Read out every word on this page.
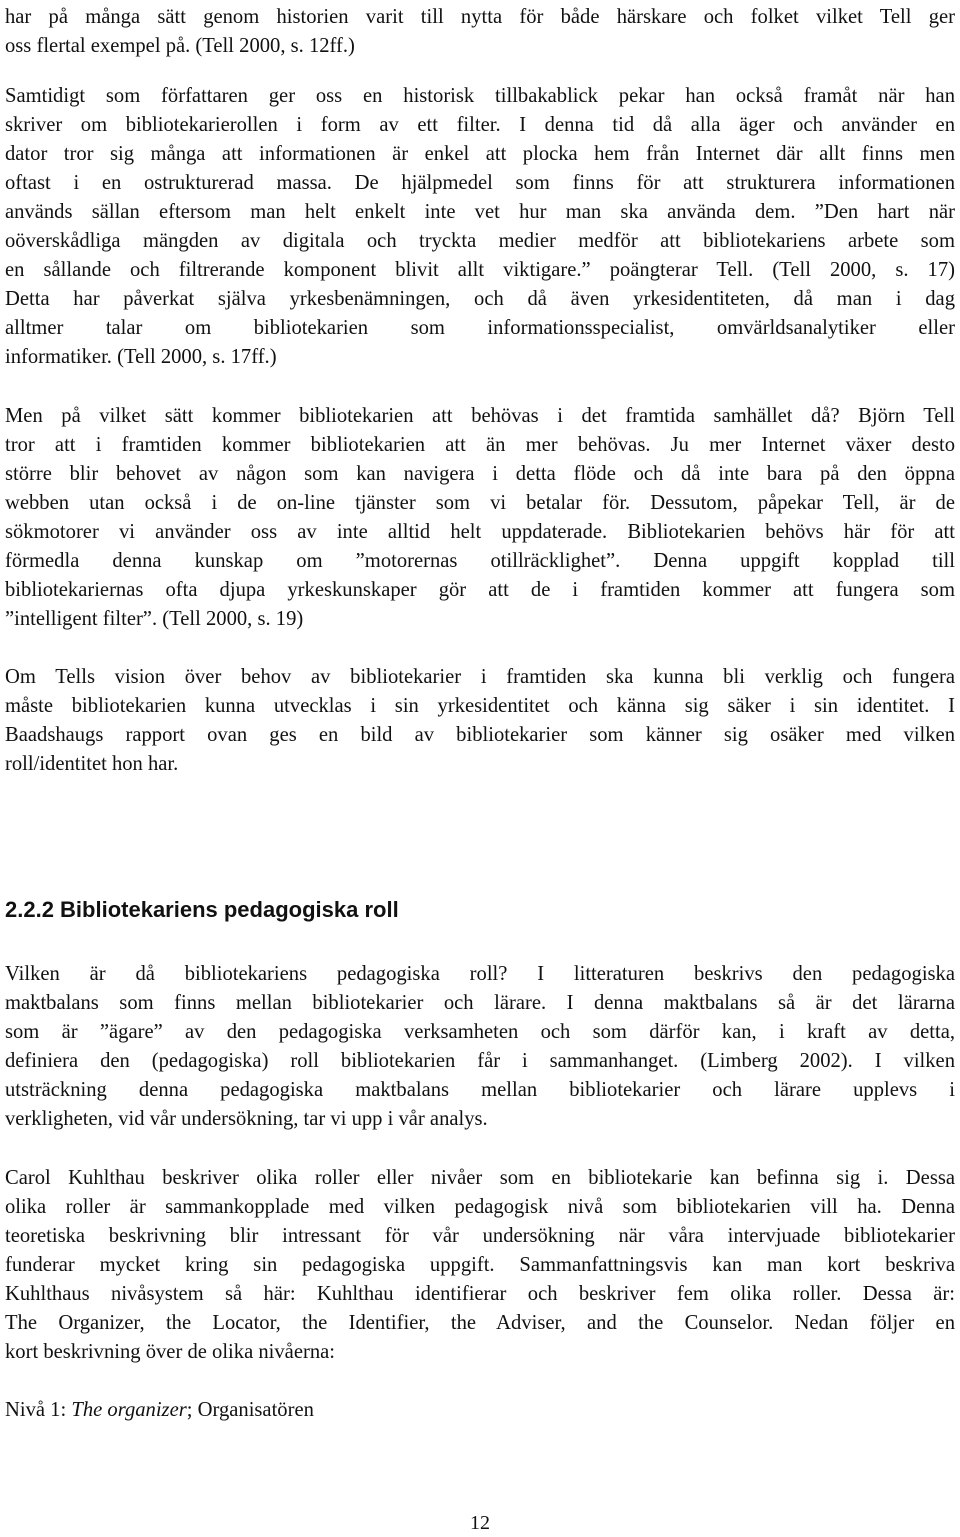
har på många sätt genom historien varit till nytta för både härskare och folket vilket Tell ger
oss flertal exempel på. (Tell 2000, s. 12ff.)
Samtidigt som författaren ger oss en historisk tillbakablick pekar han också framåt när han
skriver om bibliotekarierollen i form av ett filter. I denna tid då alla äger och använder en
dator tror sig många att informationen är enkel att plocka hem från Internet där allt finns men
oftast i en ostrukturerad massa. De hjälpmedel som finns för att strukturera informationen
används sällan eftersom man helt enkelt inte vet hur man ska använda dem. ”Den hart när
oöverskådliga mängden av digitala och tryckta medier medför att bibliotekariens arbete som
en sållande och filtrerande komponent blivit allt viktigare.” poängterar Tell. (Tell 2000, s. 17)
Detta har påverkat själva yrkesbenämningen, och då även yrkesidentiteten, då man i dag
alltmer talar om bibliotekarien som informationsspecialist, omvärldsanalytiker eller
informatiker. (Tell 2000, s. 17ff.)
Men på vilket sätt kommer bibliotekarien att behövas i det framtida samhället då? Björn Tell
tror att i framtiden kommer bibliotekarien att än mer behövas. Ju mer Internet växer desto
större blir behovet av någon som kan navigera i detta flöde och då inte bara på den öppna
webben utan också i de on-line tjänster som vi betalar för. Dessutom, påpekar Tell, är de
sökmotorer vi använder oss av inte alltid helt uppdaterade. Bibliotekarien behövs här för att
förmedla denna kunskap om ”motorernas otillräcklighet”. Denna uppgift kopplad till
bibliotekariernas ofta djupa yrkeskunskaper gör att de i framtiden kommer att fungera som
”intelligent filter”. (Tell 2000, s. 19)
Om Tells vision över behov av bibliotekarier i framtiden ska kunna bli verklig och fungera
måste bibliotekarien kunna utvecklas i sin yrkesidentitet och känna sig säker i sin identitet. I
Baadshaugs rapport ovan ges en bild av bibliotekarier som känner sig osäker med vilken
roll/identitet hon har.
2.2.2 Bibliotekariens pedagogiska roll
Vilken är då bibliotekariens pedagogiska roll? I litteraturen beskrivs den pedagogiska
maktbalans som finns mellan bibliotekarier och lärare. I denna maktbalans så är det lärarna
som är ”ägare” av den pedagogiska verksamheten och som därför kan, i kraft av detta,
definiera den (pedagogiska) roll bibliotekarien får i sammanhanget. (Limberg 2002). I vilken
utsträckning denna pedagogiska maktbalans mellan bibliotekarier och lärare upplevs i
verkligheten, vid vår undersökning, tar vi upp i vår analys.
Carol Kuhlthau beskriver olika roller eller nivåer som en bibliotekarie kan befinna sig i. Dessa
olika roller är sammankopplade med vilken pedagogisk nivå som bibliotekarien vill ha. Denna
teoretiska beskrivning blir intressant för vår undersökning när våra intervjuade bibliotekarier
funderar mycket kring sin pedagogiska uppgift. Sammanfattningsvis kan man kort beskriva
Kuhlthaus nivåsystem så här: Kuhlthau identifierar och beskriver fem olika roller. Dessa är:
The Organizer, the Locator, the Identifier, the Adviser, and the Counselor. Nedan följer en
kort beskrivning över de olika nivåerna:
Nivå 1: The organizer; Organisatören
12
